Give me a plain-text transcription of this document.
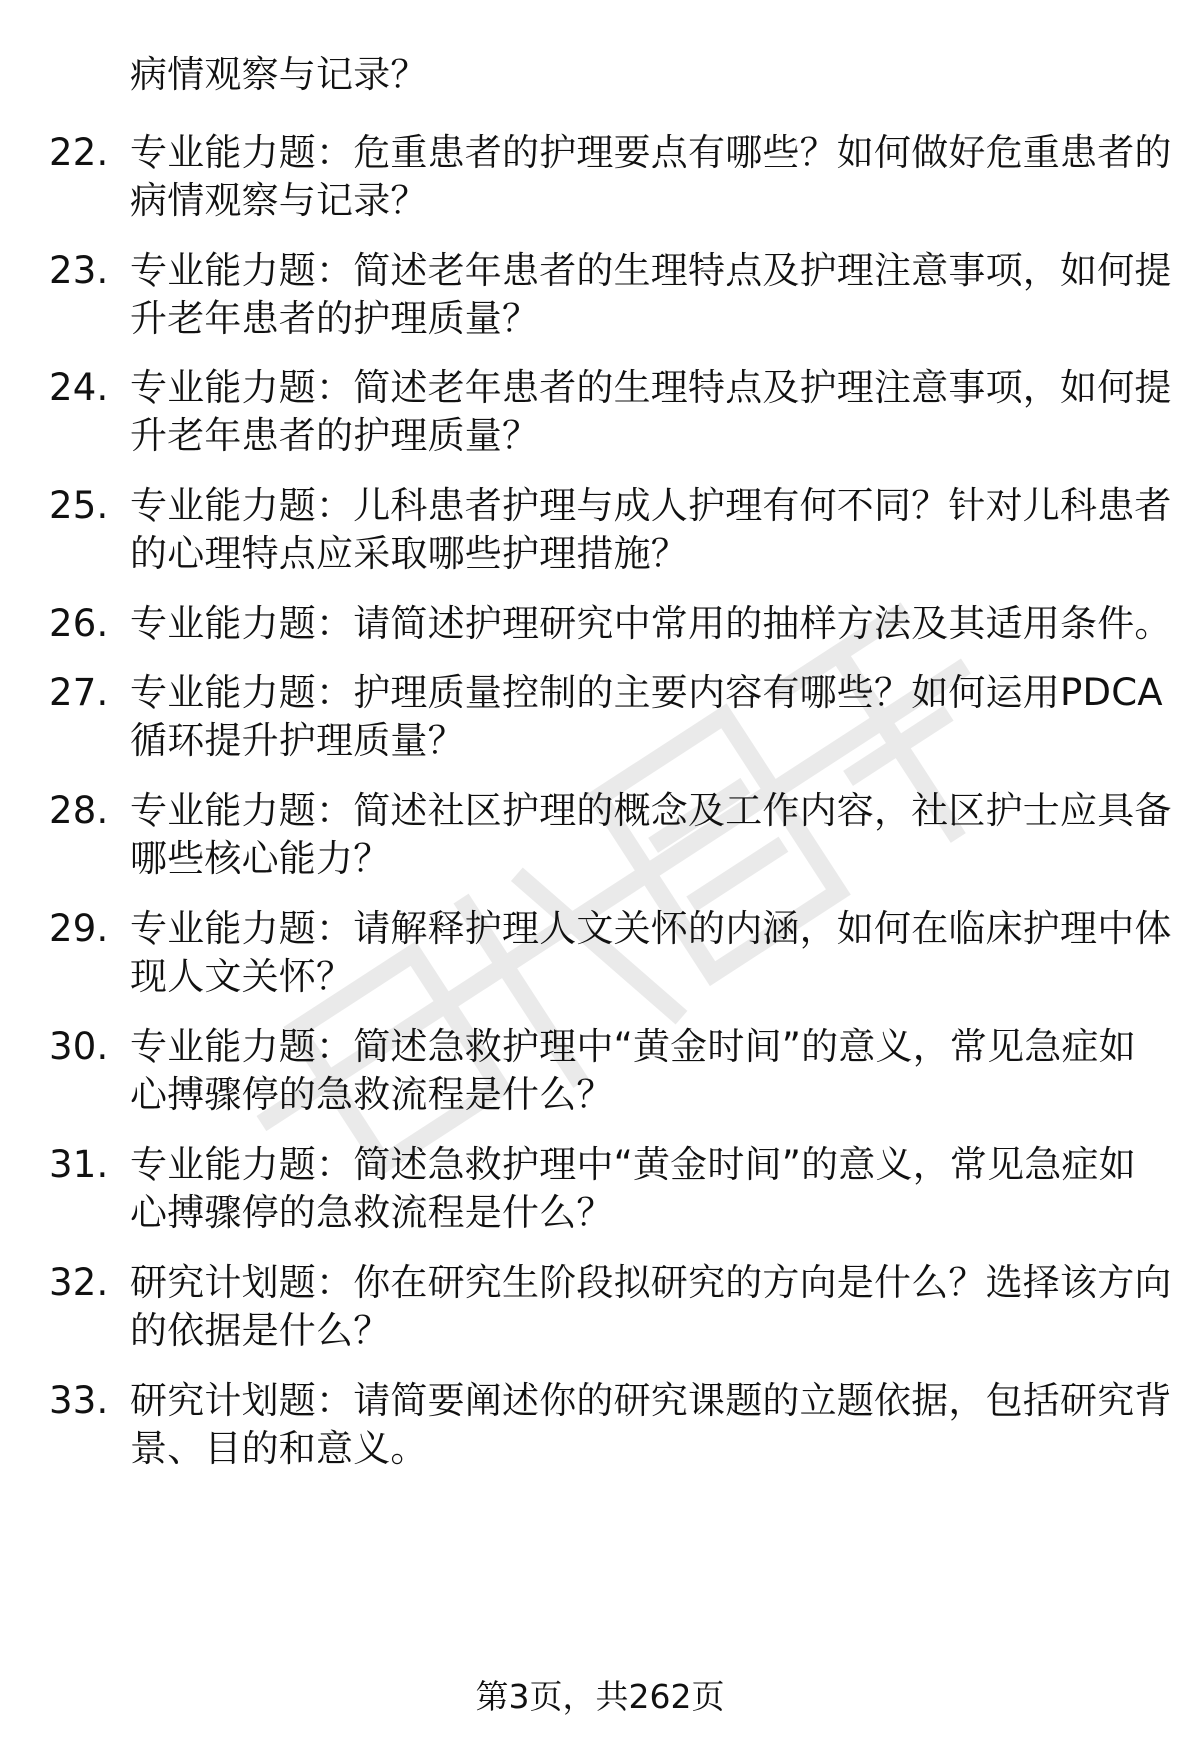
病情观察与记录？
22. 专业能力题：危重患者的护理要点有哪些？如何做好危重患者的
病情观察与记录？
23. 专业能力题：简述老年患者的生理特点及护理注意事项，如何提
升老年患者的护理质量？
24. 专业能力题：简述老年患者的生理特点及护理注意事项，如何提
升老年患者的护理质量？
25. 专业能力题：儿科患者护理与成人护理有何不同？针对儿科患者
的心理特点应采取哪些护理措施？
26. 专业能力题：请简述护理研究中常用的抽样方法及其适用条件。
27. 专业能力题：护理质量控制的主要内容有哪些？如何运用PDCA
循环提升护理质量？
28. 专业能力题：简述社区护理的概念及工作内容，社区护士应具备
哪些核心能力？
29. 专业能力题：请解释护理人文关怀的内涵，如何在临床护理中体
现人文关怀？
30. 专业能力题：简述急救护理中“黄金时间”的意义，常见急症如
心搏骤停的急救流程是什么？
31. 专业能力题：简述急救护理中“黄金时间”的意义，常见急症如
心搏骤停的急救流程是什么？
32. 研究计划题：你在研究生阶段拟研究的方向是什么？选择该方向
的依据是什么？
33. 研究计划题：请简要阐述你的研究课题的立题依据，包括研究背
景、目的和意义。
第3页，共262页
